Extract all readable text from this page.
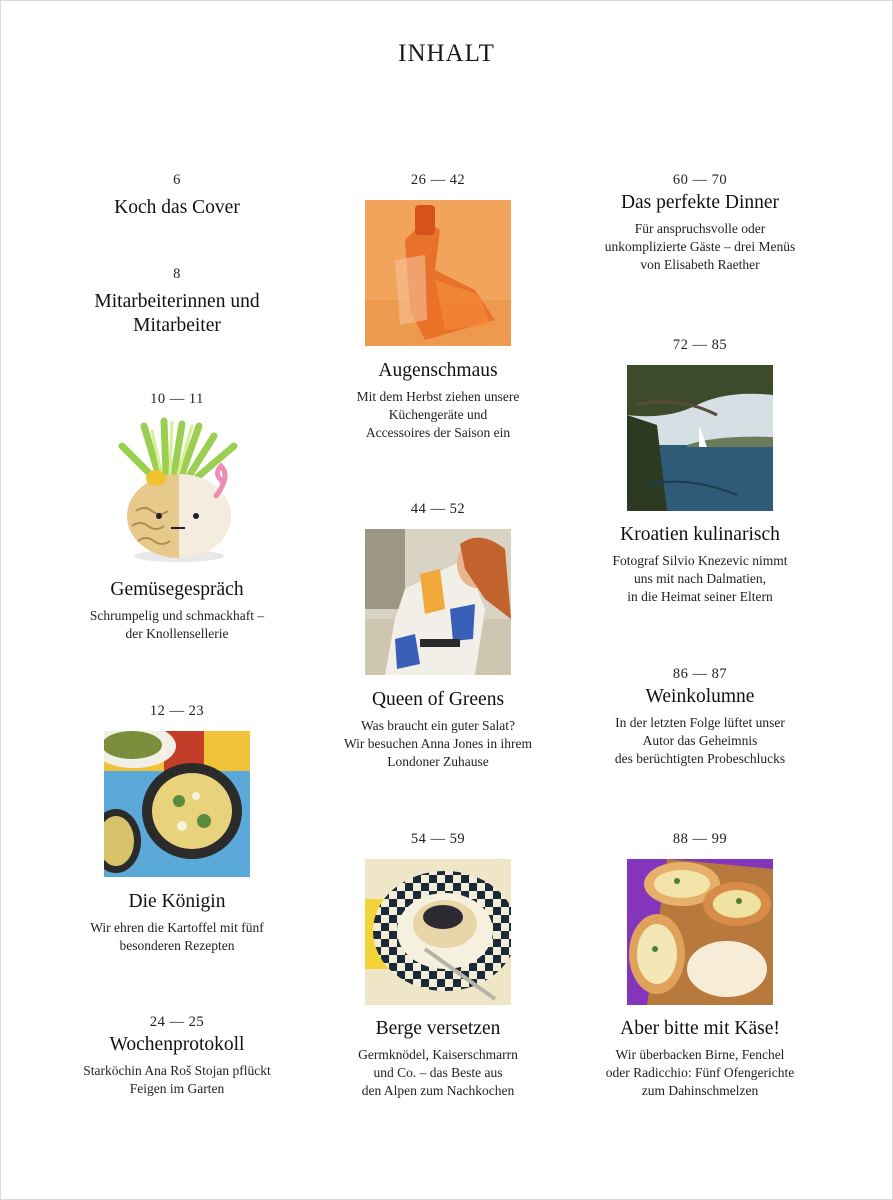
INHALT
6
Koch das Cover
8
Mitarbeiterinnen und
Mitarbeiter
10 — 11
Gemüsegespräch
Schrumpelig und schmackhaft –
der Knollensellerie
12 — 23
Die Königin
Wir ehren die Kartoffel mit fünf
besonderen Rezepten
24 — 25
Wochenprotokoll
Starköchin Ana Roš Stojan pflückt
Feigen im Garten
26 — 42
Augenschmaus
Mit dem Herbst ziehen unsere
Küchengeräte und
Accessoires der Saison ein
44 — 52
Queen of Greens
Was braucht ein guter Salat?
Wir besuchen Anna Jones in ihrem
Londoner Zuhause
54 — 59
Berge versetzen
Germknödel, Kaiserschmarrn
und Co. – das Beste aus
den Alpen zum Nachkochen
60 — 70
Das perfekte Dinner
Für anspruchsvolle oder
unkomplizierte Gäste – drei Menüs
von Elisabeth Raether
72 — 85
Kroatien kulinarisch
Fotograf Silvio Knezevic nimmt
uns mit nach Dalmatien,
in die Heimat seiner Eltern
86 — 87
Weinkolumne
In der letzten Folge lüftet unser
Autor das Geheimnis
des berüchtigten Probeschlucks
88 — 99
Aber bitte mit Käse!
Wir überbacken Birne, Fenchel
oder Radicchio: Fünf Ofengerichte
zum Dahinschmelzen
